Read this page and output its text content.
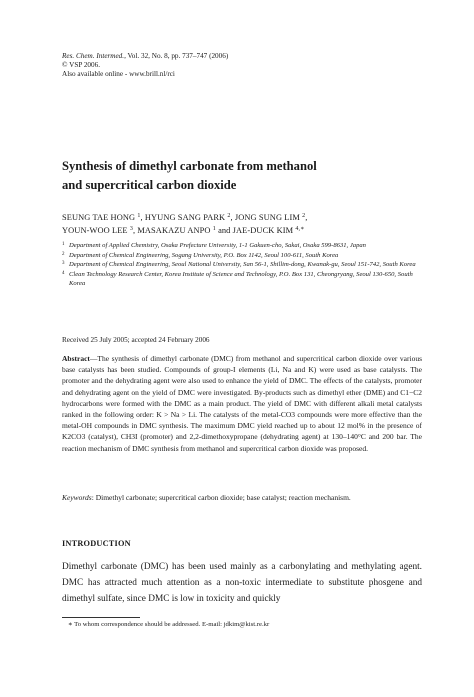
Res. Chem. Intermed., Vol. 32, No. 8, pp. 737–747 (2006)
© VSP 2006.
Also available online - www.brill.nl/rci
Synthesis of dimethyl carbonate from methanol
and supercritical carbon dioxide
SEUNG TAE HONG $^1$, HYUNG SANG PARK $^2$, JONG SUNG LIM $^2$,
YOUN-WOO LEE $^3$, MASAKAZU ANPO $^1$ and JAE-DUCK KIM $^{4,∗}$
1 Department of Applied Chemistry, Osaka Prefecture University, 1-1 Gakuen-cho, Sakai, Osaka 599-8631, Japan
2 Department of Chemical Engineering, Sogang University, P.O. Box 1142, Seoul 100-611, South Korea
3 Department of Chemical Engineering, Seoul National University, San 56-1, Shillim-dong, Kwanak-gu, Seoul 151-742, South Korea
4 Clean Technology Research Center, Korea Institute of Science and Technology, P.O. Box 131, Cheongryang, Seoul 130-650, South Korea
Received 25 July 2005; accepted 24 February 2006
Abstract—The synthesis of dimethyl carbonate (DMC) from methanol and supercritical carbon dioxide over various base catalysts has been studied. Compounds of group-I elements (Li, Na and K) were used as base catalysts. The promoter and the dehydrating agent were also used to enhance the yield of DMC. The effects of the catalysts, promoter and dehydrating agent on the yield of DMC were investigated. By-products such as dimethyl ether (DME) and C1−C2 hydrocarbons were formed with the DMC as a main product. The yield of DMC with different alkali metal catalysts ranked in the following order: K > Na > Li. The catalysts of the metal-CO3 compounds were more effective than the metal-OH compounds in DMC synthesis. The maximum DMC yield reached up to about 12 mol% in the presence of K2CO3 (catalyst), CH3I (promoter) and 2,2-dimethoxypropane (dehydrating agent) at 130–140°C and 200 bar. The reaction mechanism of DMC synthesis from methanol and supercritical carbon dioxide was proposed.
Keywords: Dimethyl carbonate; supercritical carbon dioxide; base catalyst; reaction mechanism.
INTRODUCTION
Dimethyl carbonate (DMC) has been used mainly as a carbonylating and methylating agent. DMC has attracted much attention as a non-toxic intermediate to substitute phosgene and dimethyl sulfate, since DMC is low in toxicity and quickly
∗ To whom correspondence should be addressed. E-mail: jdkim@kist.re.kr
